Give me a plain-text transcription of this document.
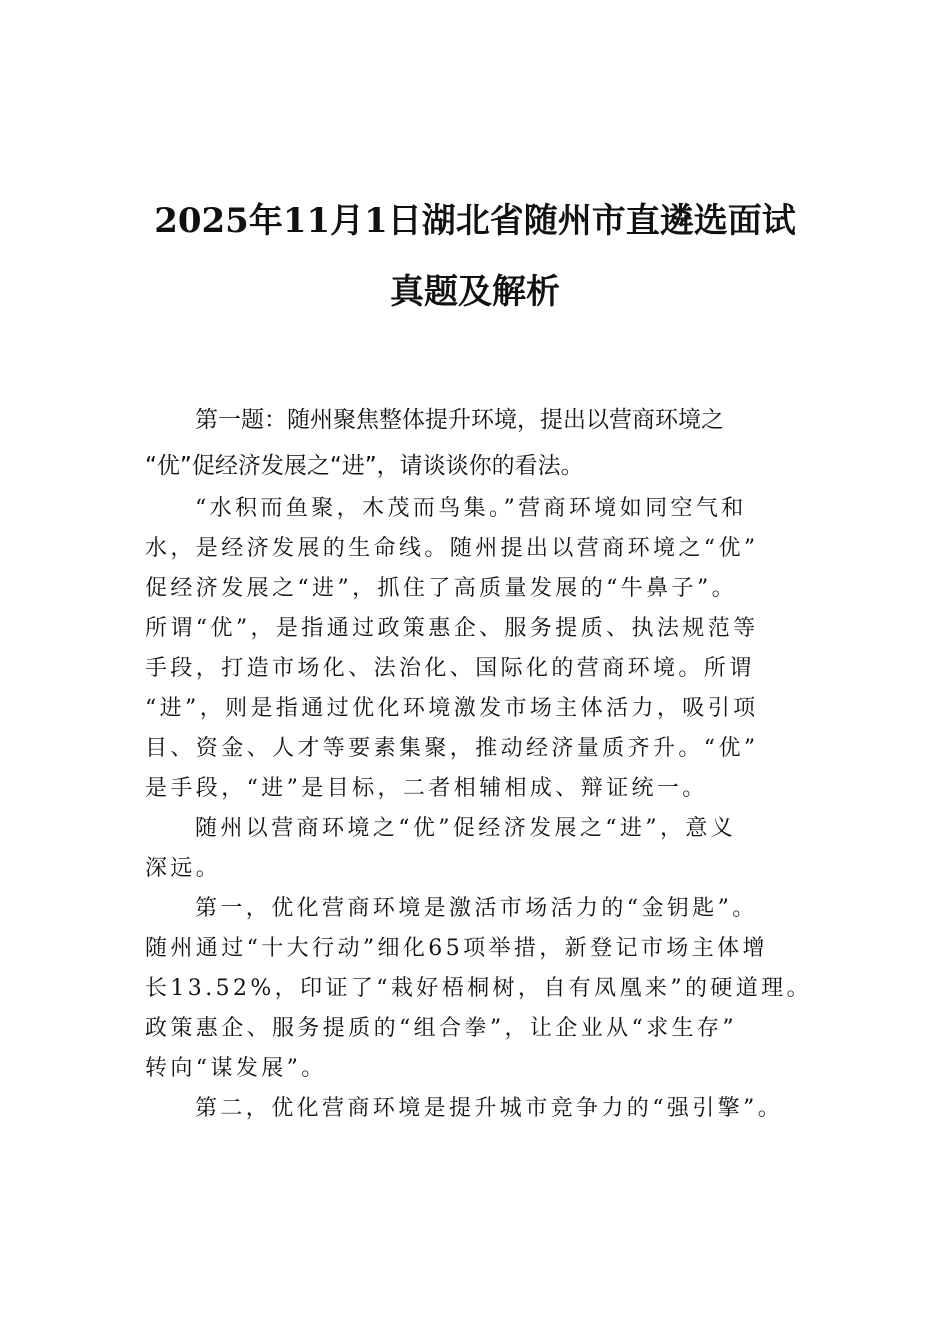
2025年11月1日湖北省随州市直遴选面试
真题及解析
第一题：随州聚焦整体提升环境，提出以营商环境之
“优”促经济发展之“进”，请谈谈你的看法。
“水积而鱼聚，木茂而鸟集。”营商环境如同空气和
水，是经济发展的生命线。随州提出以营商环境之“优”
促经济发展之“进”，抓住了高质量发展的“牛鼻子”。
所谓“优”，是指通过政策惠企、服务提质、执法规范等
手段，打造市场化、法治化、国际化的营商环境。所谓
“进”，则是指通过优化环境激发市场主体活力，吸引项
目、资金、人才等要素集聚，推动经济量质齐升。“优”
是手段，“进”是目标，二者相辅相成、辩证统一。
随州以营商环境之“优”促经济发展之“进”，意义
深远。
第一，优化营商环境是激活市场活力的“金钥匙”。
随州通过“十大行动”细化65项举措，新登记市场主体增
长13.52%，印证了“栽好梧桐树，自有凤凰来”的硬道理。
政策惠企、服务提质的“组合拳”，让企业从“求生存”
转向“谋发展”。
第二，优化营商环境是提升城市竞争力的“强引擎”。
